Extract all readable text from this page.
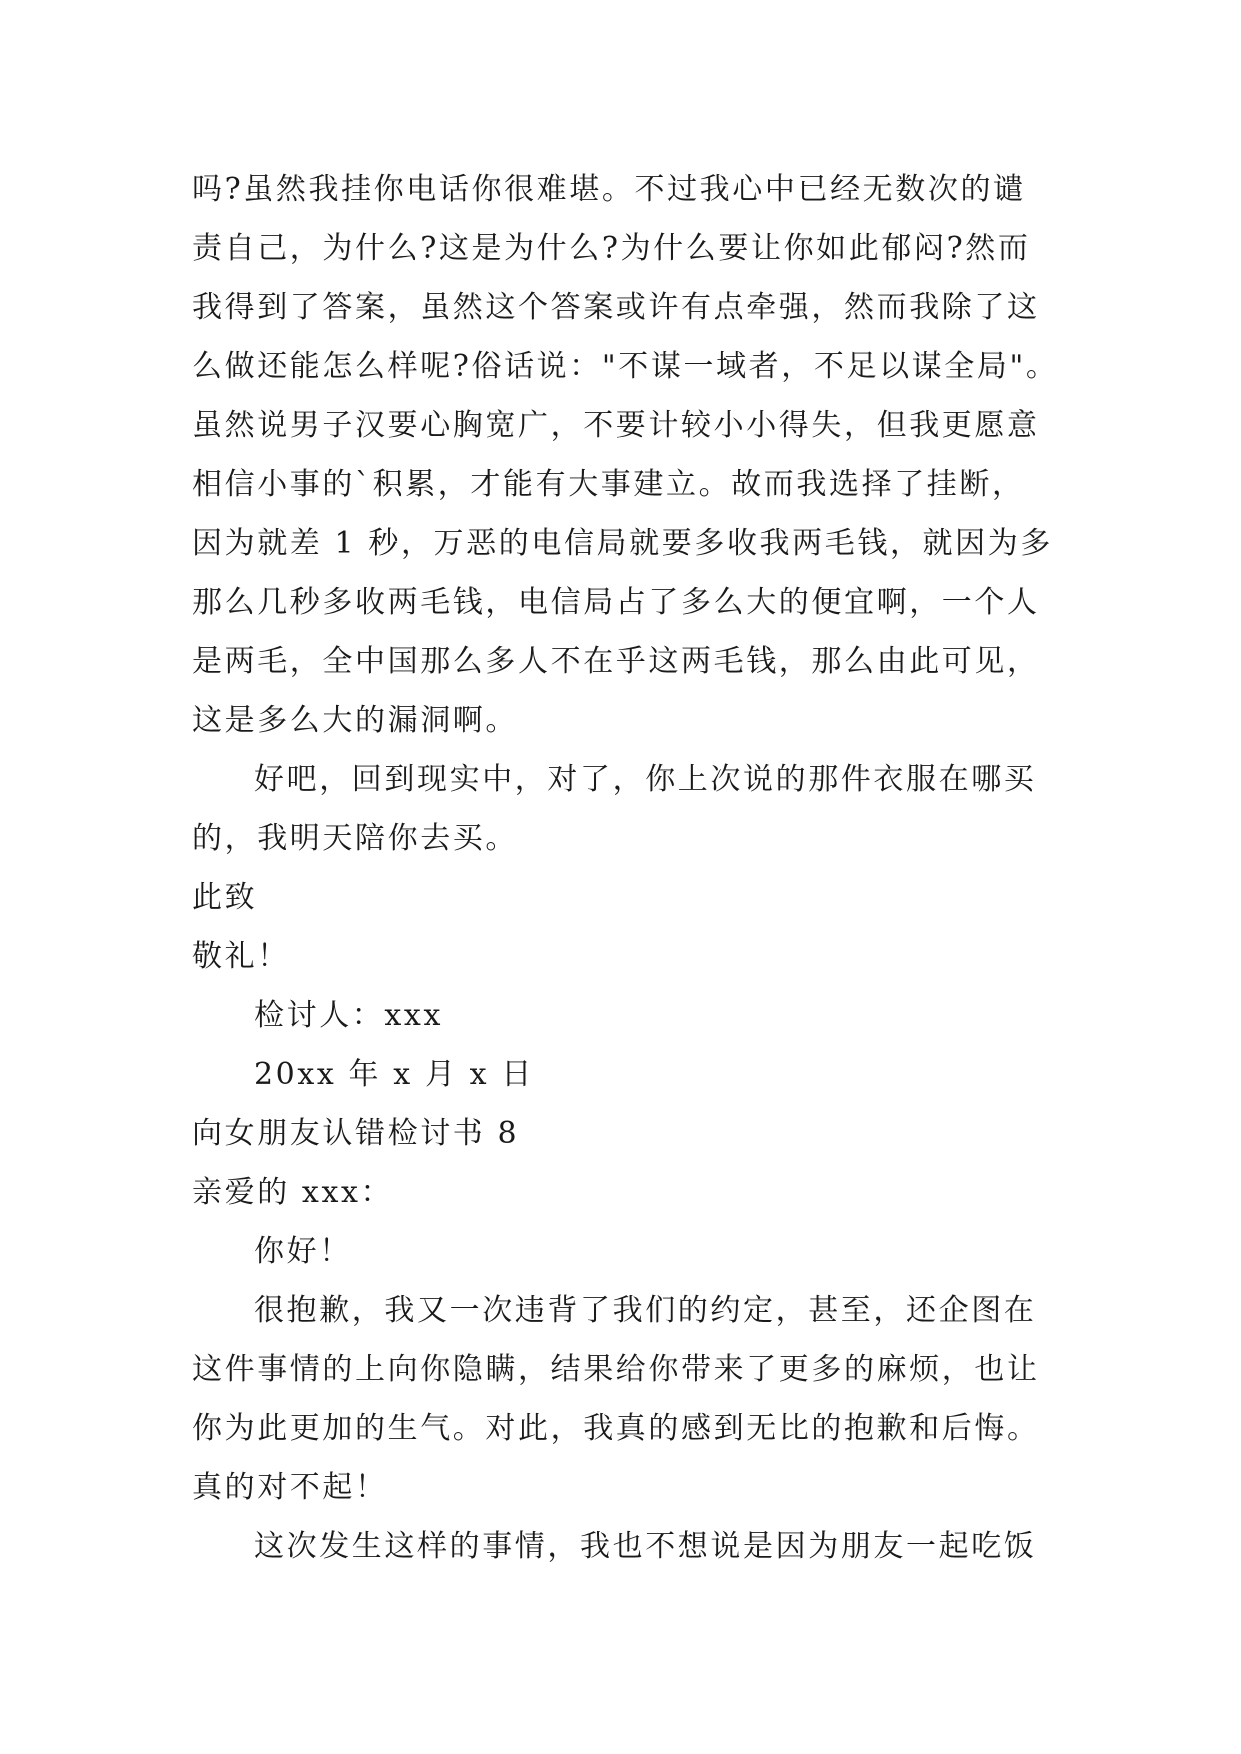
吗?虽然我挂你电话你很难堪。不过我心中已经无数次的谴
责自己，为什么?这是为什么?为什么要让你如此郁闷?然而
我得到了答案，虽然这个答案或许有点牵强，然而我除了这
么做还能怎么样呢?俗话说："不谋一域者，不足以谋全局"。
虽然说男子汉要心胸宽广，不要计较小小得失，但我更愿意
相信小事的`积累，才能有大事建立。故而我选择了挂断，
因为就差 1 秒，万恶的电信局就要多收我两毛钱，就因为多
那么几秒多收两毛钱，电信局占了多么大的便宜啊，一个人
是两毛，全中国那么多人不在乎这两毛钱，那么由此可见，
这是多么大的漏洞啊。
好吧，回到现实中，对了，你上次说的那件衣服在哪买
的，我明天陪你去买。
此致
敬礼！
检讨人：xxx
20xx 年 x 月 x 日
向女朋友认错检讨书 8
亲爱的 xxx：
你好！
很抱歉，我又一次违背了我们的约定，甚至，还企图在
这件事情的上向你隐瞒，结果给你带来了更多的麻烦，也让
你为此更加的生气。对此，我真的感到无比的抱歉和后悔。
真的对不起！
这次发生这样的事情，我也不想说是因为朋友一起吃饭
